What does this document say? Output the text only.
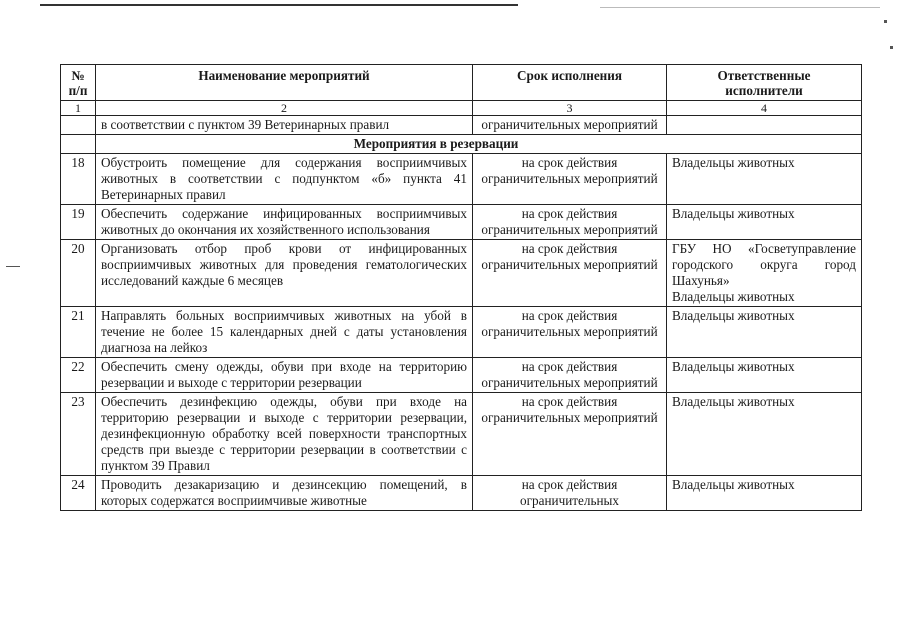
№ п/п	Наименование мероприятий	Срок исполнения	Ответственные исполнители
1	2	3	4
	в соответствии с пунктом 39 Ветеринарных правил	ограничительных мероприятий	
	Мероприятия в резервации		
18	Обустроить помещение для содержания восприимчивых животных в соответствии с подпунктом «б» пункта 41 Ветеринарных правил	на срок действия ограничительных мероприятий	Владельцы животных
19	Обеспечить содержание инфицированных восприимчивых животных до окончания их хозяйственного использования	на срок действия ограничительных мероприятий	Владельцы животных
20	Организовать отбор проб крови от инфицированных восприимчивых животных для проведения гематологических исследований каждые 6 месяцев	на срок действия ограничительных мероприятий	ГБУ НО «Госветуправление городского округа город Шахунья»
Владельцы животных

21	Направлять больных восприимчивых животных на убой в течение не более 15 календарных дней с даты установления диагноза на лейкоз	на срок действия ограничительных мероприятий	Владельцы животных
22	Обеспечить смену одежды, обуви при входе на территорию резервации и выходе с территории резервации	на срок действия ограничительных мероприятий	Владельцы животных
23	Обеспечить дезинфекцию одежды, обуви при входе на территорию резервации и выходе с территории резервации, дезинфекционную обработку всей поверхности транспортных средств при выезде с территории резервации в соответствии с пунктом 39 Правил	на срок действия ограничительных мероприятий	Владельцы животных
24	Проводить дезакаризацию и дезинсекцию помещений, в которых содержатся восприимчивые животные	на срок действия ограничительных	Владельцы животных
